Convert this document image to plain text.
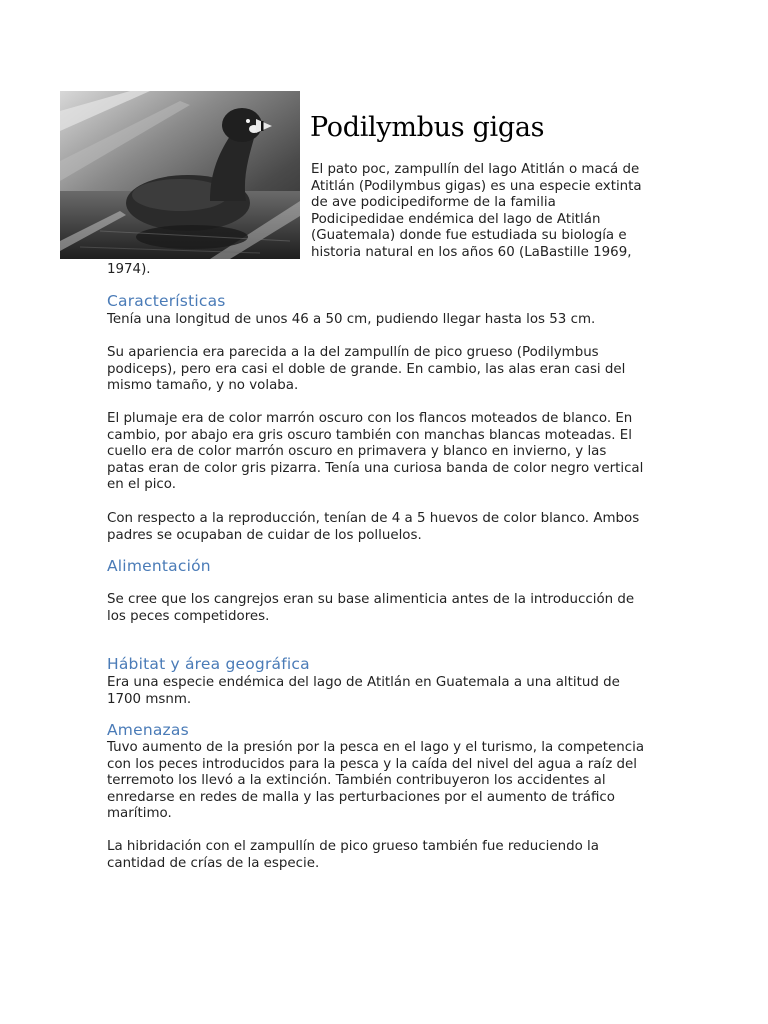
Podilymbus gigas

El pato poc, zampullín del lago Atitlán o macá de
Atitlán (Podilymbus gigas) es una especie extinta
de ave podicipediforme de la familia
Podicipedidae endémica del lago de Atitlán
(Guatemala) donde fue estudiada su biología e
historia natural en los años 60 (LaBastille 1969,
1974).

Características

Tenía una longitud de unos 46 a 50 cm, pudiendo llegar hasta los 53 cm.

Su apariencia era parecida a la del zampullín de pico grueso (Podilymbus
podiceps), pero era casi el doble de grande. En cambio, las alas eran casi del
mismo tamaño, y no volaba.

El plumaje era de color marrón oscuro con los flancos moteados de blanco. En
cambio, por abajo era gris oscuro también con manchas blancas moteadas. El
cuello era de color marrón oscuro en primavera y blanco en invierno, y las
patas eran de color gris pizarra. Tenía una curiosa banda de color negro vertical
en el pico.

Con respecto a la reproducción, tenían de 4 a 5 huevos de color blanco. Ambos
padres se ocupaban de cuidar de los polluelos.

Alimentación

Se cree que los cangrejos eran su base alimenticia antes de la introducción de
los peces competidores.

Hábitat y área geográfica

Era una especie endémica del lago de Atitlán en Guatemala a una altitud de
1700 msnm.

Amenazas

Tuvo aumento de la presión por la pesca en el lago y el turismo, la competencia
con los peces introducidos para la pesca y la caída del nivel del agua a raíz del
terremoto los llevó a la extinción. También contribuyeron los accidentes al
enredarse en redes de malla y las perturbaciones por el aumento de tráfico
marítimo.

La hibridación con el zampullín de pico grueso también fue reduciendo la
cantidad de crías de la especie.
